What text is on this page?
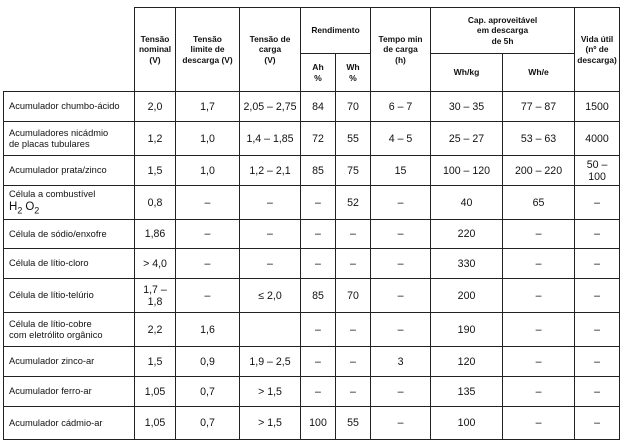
	Tensão
nominal
(V)	Tensão
limite de
descarga (V)	Tensão de
carga
(V)	Rendimento		Tempo min
de carga
(h)	Cap. aproveitável
em descarga
de 5h		Vida útil
(nº de
descarga)

				Ah
%	Wh
%		Wh/kg	Wh/e	

Acumulador chumbo-ácido	2,0	1,7	2,05 – 2,75	84	70	6 – 7	30 – 35	77 – 87	1500

Acumuladores nicádmio
de placas tubulares	1,2	1,0	1,4 – 1,85	72	55	4 – 5	25 – 27	53 – 63	4000

Acumulador prata/zinco	1,5	1,0	1,2 – 2,1	85	75	15	100 – 120	200 – 220	50 – 100

Célula a combustível
$H_2$ $O_2$	0,8	–	–	–	52	–	40	65	–

Célula de sódio/enxofre	1,86	–	–	–	–	–	220	–	–

Célula de lítio-cloro	> 4,0	–	–	–	–	–	330	–	–

Célula de lítio-telúrio	1,7 – 1,8	–	≤ 2,0	85	70	–	200	–	–

Célula de lítio-cobre
com eletrólito orgânico	2,2	1,6		–	–	–	190	–	–

Acumulador zinco-ar	1,5	0,9	1,9 – 2,5	–	–	3	120	–	–

Acumulador ferro-ar	1,05	0,7	> 1,5	–	–	–	135	–	–

Acumulador cádmio-ar	1,05	0,7	> 1,5	100	55	–	100	–	–
